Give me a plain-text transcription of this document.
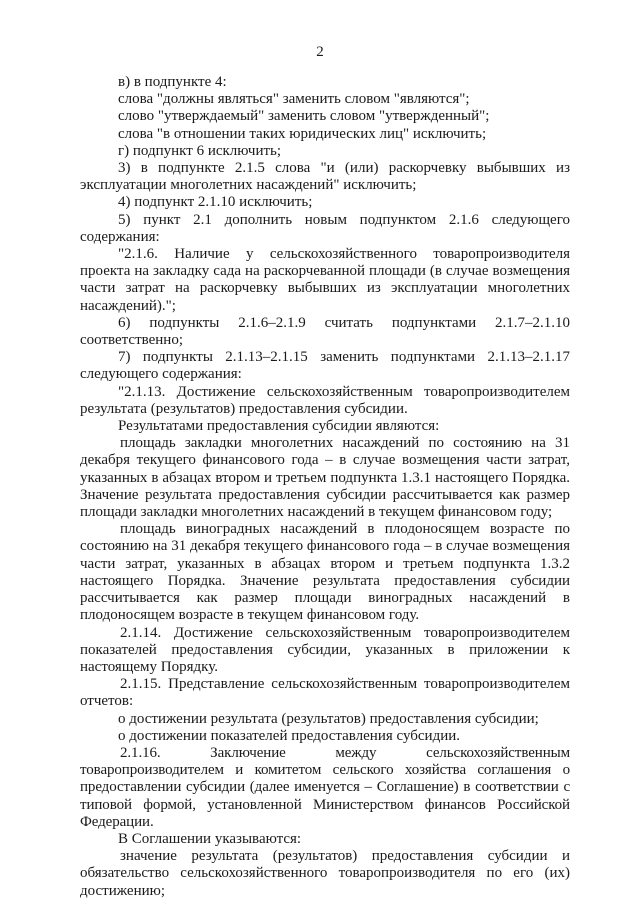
2

в) в подпункте 4:

слова "должны являться" заменить словом "являются";

слово "утверждаемый" заменить словом "утвержденный";

слова "в отношении таких юридических лиц" исключить;

г) подпункт 6 исключить;

3) в подпункте 2.1.5 слова "и (или) раскорчевку выбывших из эксплуатации многолетних насаждений" исключить;

4) подпункт 2.1.10 исключить;

5) пункт 2.1 дополнить новым подпунктом 2.1.6 следующего содержания:

"2.1.6. Наличие у сельскохозяйственного товаропроизводителя проекта на закладку сада на раскорчеванной площади (в случае возмещения части затрат на раскорчевку выбывших из эксплуатации многолетних насаждений).";

6) подпункты 2.1.6–2.1.9 считать подпунктами 2.1.7–2.1.10 соответственно;

7) подпункты 2.1.13–2.1.15 заменить подпунктами 2.1.13–2.1.17 следующего содержания:

"2.1.13. Достижение сельскохозяйственным товаропроизводителем результата (результатов) предоставления субсидии.

Результатами предоставления субсидии являются:

площадь закладки многолетних насаждений по состоянию на 31 декабря текущего финансового года – в случае возмещения части затрат, указанных в абзацах втором и третьем подпункта 1.3.1 настоящего Порядка. Значение результата предоставления субсидии рассчитывается как размер площади закладки многолетних насаждений в текущем финансовом году;

площадь виноградных насаждений в плодоносящем возрасте по состоянию на 31 декабря текущего финансового года – в случае возмещения части затрат, указанных в абзацах втором и третьем подпункта 1.3.2 настоящего Порядка. Значение результата предоставления субсидии рассчитывается как размер площади виноградных насаждений в плодоносящем возрасте в текущем финансовом году.

2.1.14. Достижение сельскохозяйственным товаропроизводителем показателей предоставления субсидии, указанных в приложении к настоящему Порядку.

2.1.15. Представление сельскохозяйственным товаропроизводителем отчетов:

о достижении результата (результатов) предоставления субсидии;

о достижении показателей предоставления субсидии.

2.1.16. Заключение между сельскохозяйственным товаропроизводителем и комитетом сельского хозяйства соглашения о предоставлении субсидии (далее именуется – Соглашение) в соответствии с типовой формой, установленной Министерством финансов Российской Федерации.

В Соглашении указываются:

значение результата (результатов) предоставления субсидии и обязательство сельскохозяйственного товаропроизводителя по его (их) достижению;
